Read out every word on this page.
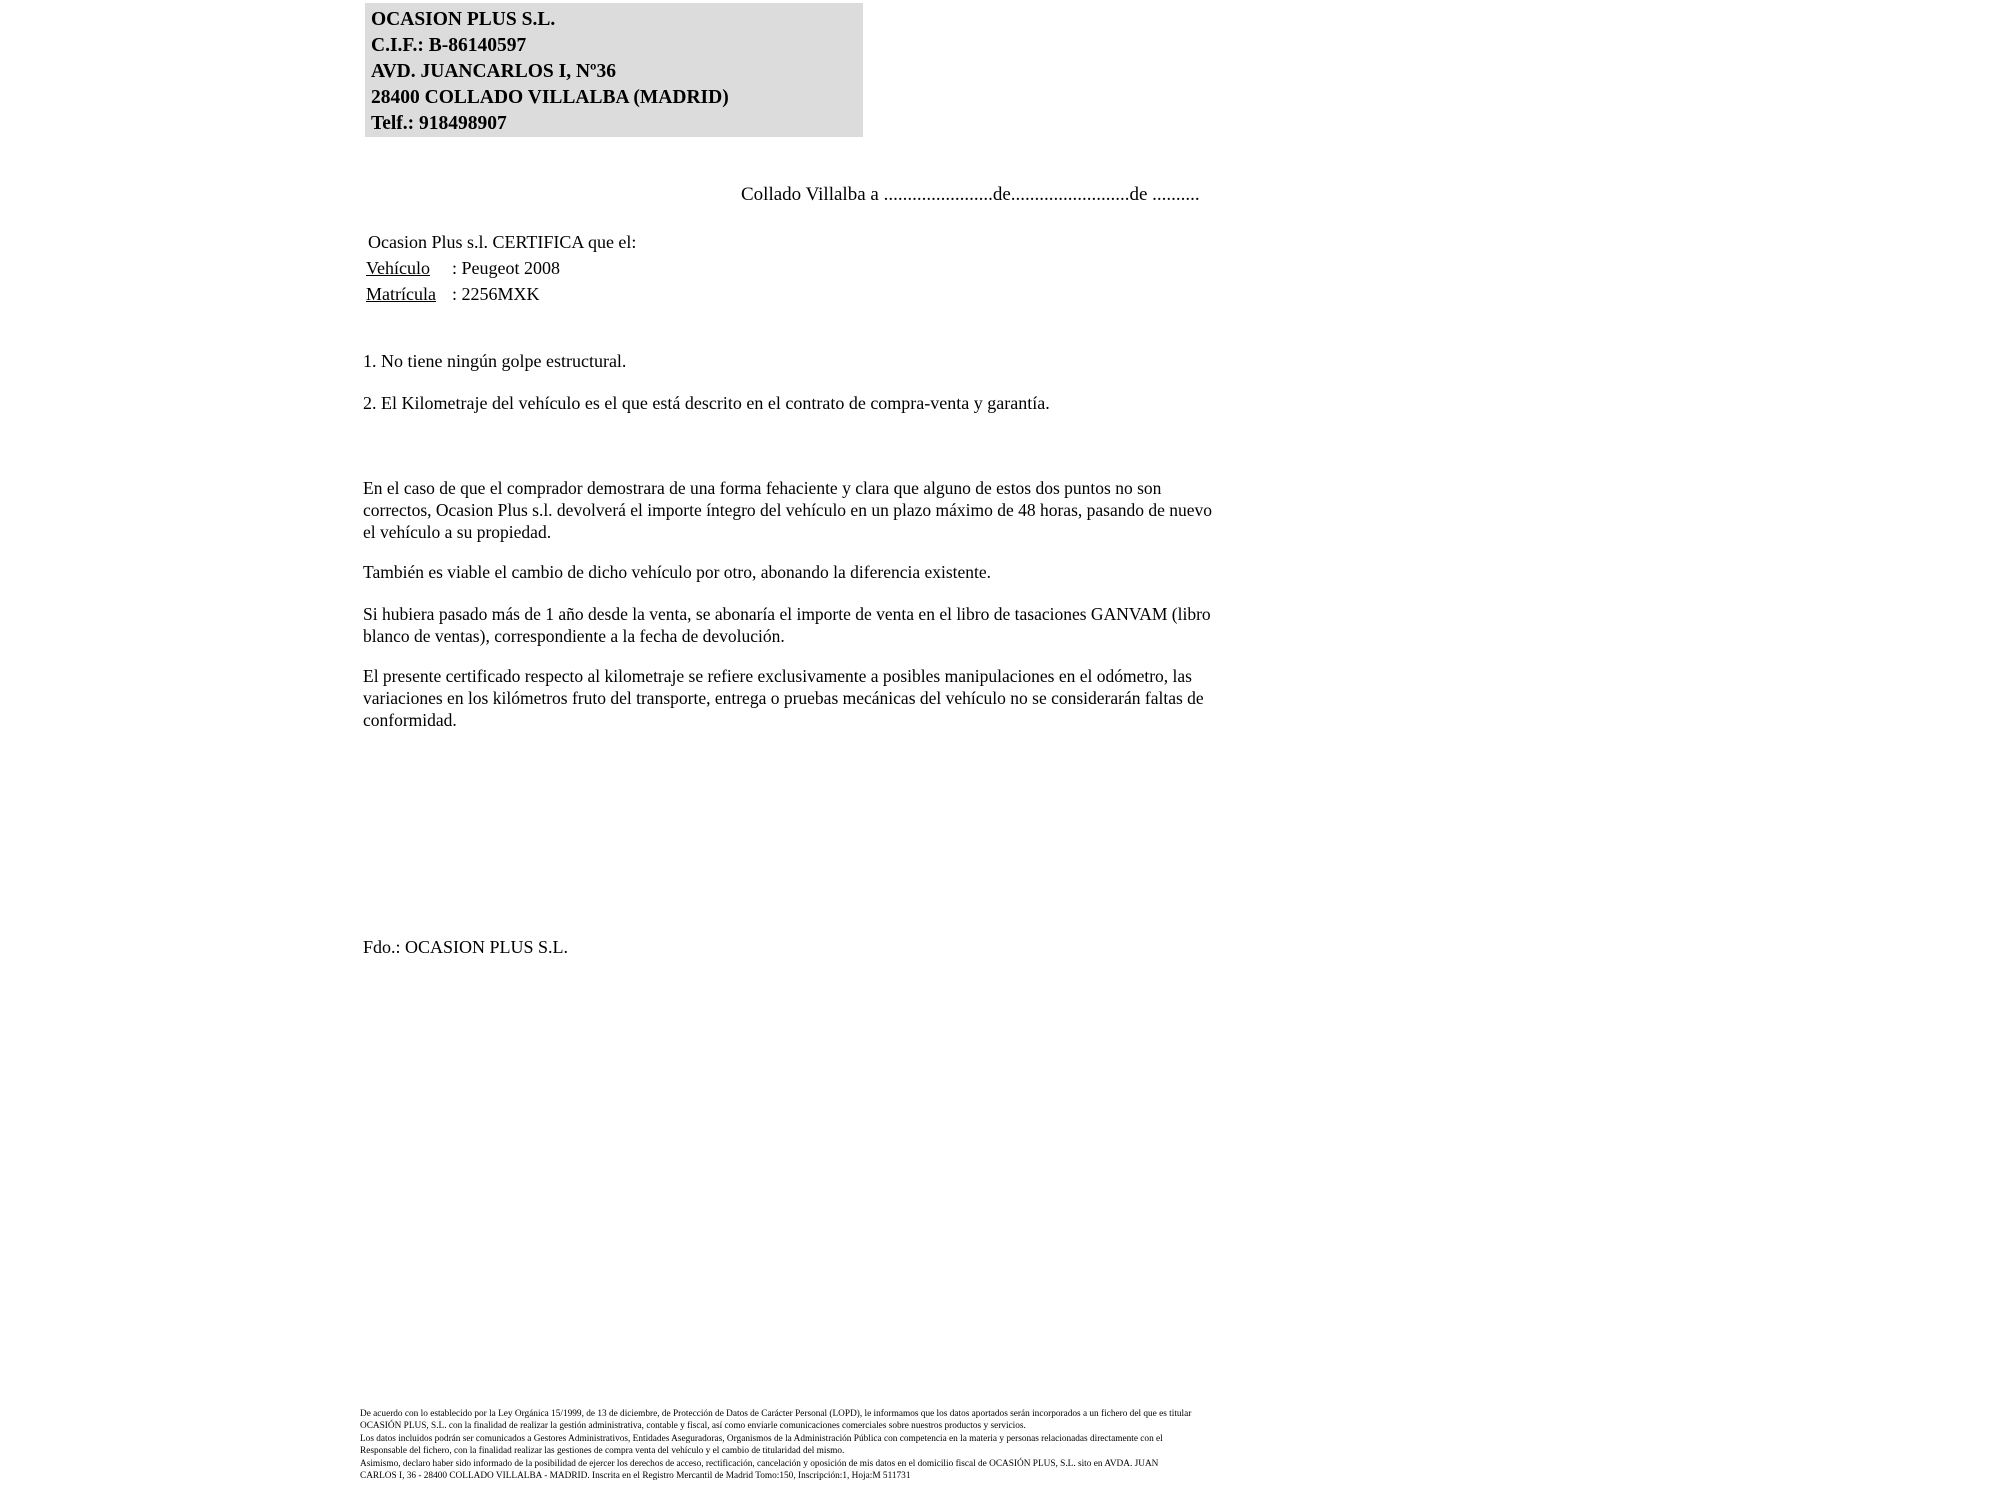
OCASION PLUS S.L.
C.I.F.: B-86140597
AVD. JUANCARLOS I, Nº36
28400 COLLADO VILLALBA (MADRID)
Telf.: 918498907
Collado Villalba a .......................de.........................de ..........
Ocasion Plus s.l. CERTIFICA que el:
Vehículo : Peugeot 2008
Matrícula : 2256MXK
1. No tiene ningún golpe estructural.
2. El Kilometraje del vehículo es el que está descrito en el contrato de compra-venta y garantía.
En el caso de que el comprador demostrara de una forma fehaciente y clara que alguno de estos dos puntos no son correctos, Ocasion Plus s.l. devolverá el importe íntegro del vehículo en un plazo máximo de 48 horas, pasando de nuevo el vehículo a su propiedad.
También es viable el cambio de dicho vehículo por otro, abonando la diferencia existente.
Si hubiera pasado más de 1 año desde la venta, se abonaría el importe de venta en el libro de tasaciones GANVAM (libro blanco de ventas), correspondiente a la fecha de devolución.
El presente certificado respecto al kilometraje se refiere exclusivamente a posibles manipulaciones en el odómetro, las variaciones en los kilómetros fruto del transporte, entrega o pruebas mecánicas del vehículo no se considerarán faltas de conformidad.
Fdo.: OCASION PLUS S.L.
De acuerdo con lo establecido por la Ley Orgánica 15/1999, de 13 de diciembre, de Protección de Datos de Carácter Personal (LOPD), le informamos que los datos aportados serán incorporados a un fichero del que es titular
OCASIÓN PLUS, S.L. con la finalidad de realizar la gestión administrativa, contable y fiscal, así como enviarle comunicaciones comerciales sobre nuestros productos y servicios.
Los datos incluidos podrán ser comunicados a Gestores Administrativos, Entidades Aseguradoras, Organismos de la Administración Pública con competencia en la materia y personas relacionadas directamente con el
Responsable del fichero, con la finalidad realizar las gestiones de compra venta del vehículo y el cambio de titularidad del mismo.
Asimismo, declaro haber sido informado de la posibilidad de ejercer los derechos de acceso, rectificación, cancelación y oposición de mis datos en el domicilio fiscal de OCASIÓN PLUS, S.L. sito en AVDA. JUAN
CARLOS I, 36 - 28400 COLLADO VILLALBA - MADRID. Inscrita en el Registro Mercantil de Madrid Tomo:150, Inscripción:1, Hoja:M 511731
